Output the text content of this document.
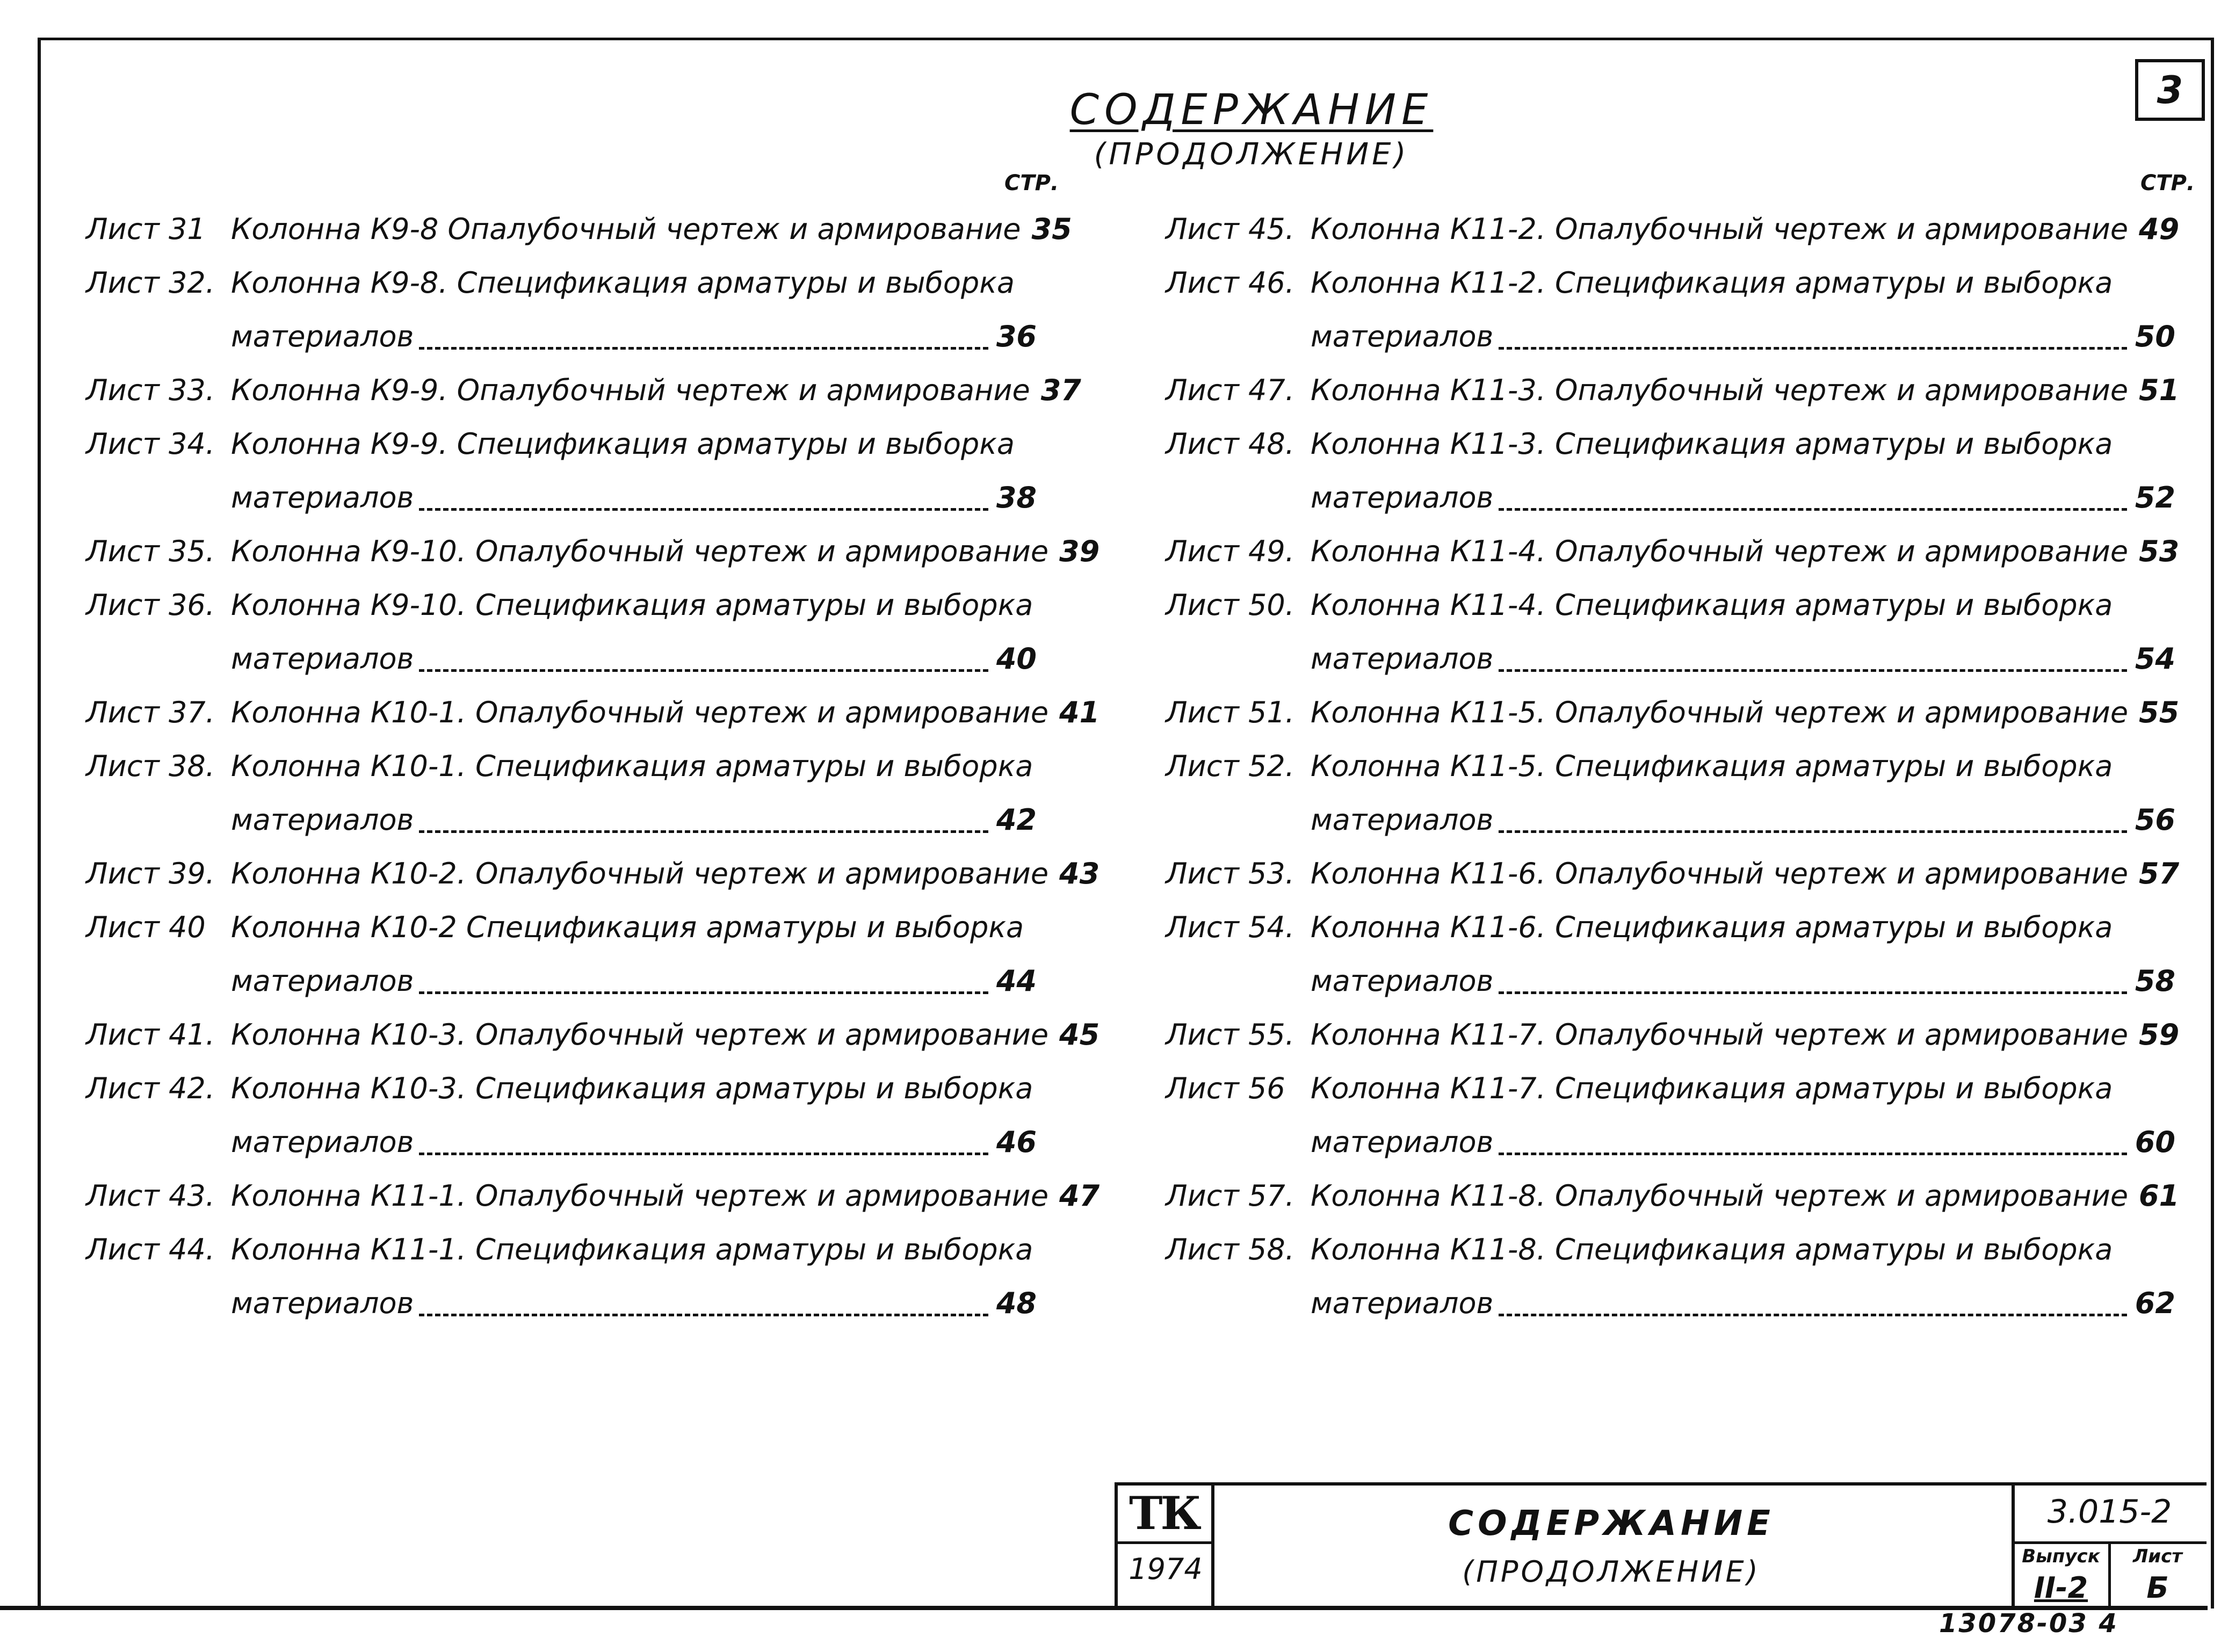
3
СОДЕРЖАНИЕ
(ПРОДОЛЖЕНИЕ)
СТР.	СТР.
Лист 31 Колонна К9-8 Опалубочный чертеж и армирование 35
Лист 32. Колонна К9-8. Спецификация арматуры и выборка
материалов	36
Лист 33. Колонна К9-9. Опалубочный чертеж и армирование 37
Лист 34. Колонна К9-9. Спецификация арматуры и выборка
материалов	38
Лист 35. Колонна К9-10. Опалубочный чертеж и армирование 39
Лист 36. Колонна К9-10. Спецификация арматуры и выборка
материалов	40
Лист 37. Колонна К10-1. Опалубочный чертеж и армирование 41
Лист 38. Колонна К10-1. Спецификация арматуры и выборка
материалов	42
Лист 39. Колонна К10-2. Опалубочный чертеж и армирование 43
Лист 40 Колонна К10-2 Спецификация арматуры и выборка
материалов	44
Лист 41. Колонна К10-3. Опалубочный чертеж и армирование 45
Лист 42. Колонна К10-3. Спецификация арматуры и выборка
материалов	46
Лист 43. Колонна К11-1. Опалубочный чертеж и армирование 47
Лист 44. Колонна К11-1. Спецификация арматуры и выборка
материалов	48
Лист 45. Колонна К11-2. Опалубочный чертеж и армирование 49
Лист 46. Колонна К11-2. Спецификация арматуры и выборка
материалов	50
Лист 47. Колонна К11-3. Опалубочный чертеж и армирование 51
Лист 48. Колонна К11-3. Спецификация арматуры и выборка
материалов	52
Лист 49. Колонна К11-4. Опалубочный чертеж и армирование 53
Лист 50. Колонна К11-4. Спецификация арматуры и выборка
материалов	54
Лист 51. Колонна К11-5. Опалубочный чертеж и армирование 55
Лист 52. Колонна К11-5. Спецификация арматуры и выборка
материалов	56
Лист 53. Колонна К11-6. Опалубочный чертеж и армирование 57
Лист 54. Колонна К11-6. Спецификация арматуры и выборка
материалов	58
Лист 55. Колонна К11-7. Опалубочный чертеж и армирование 59
Лист 56 Колонна К11-7. Спецификация арматуры и выборка
материалов	60
Лист 57. Колонна К11-8. Опалубочный чертеж и армирование 61
Лист 58. Колонна К11-8. Спецификация арматуры и выборка
материалов	62
ТК
1974
СОДЕРЖАНИЕ
(ПРОДОЛЖЕНИЕ)
3.015-2
Выпуск	Лист
II-2	Б
13078-03 4
